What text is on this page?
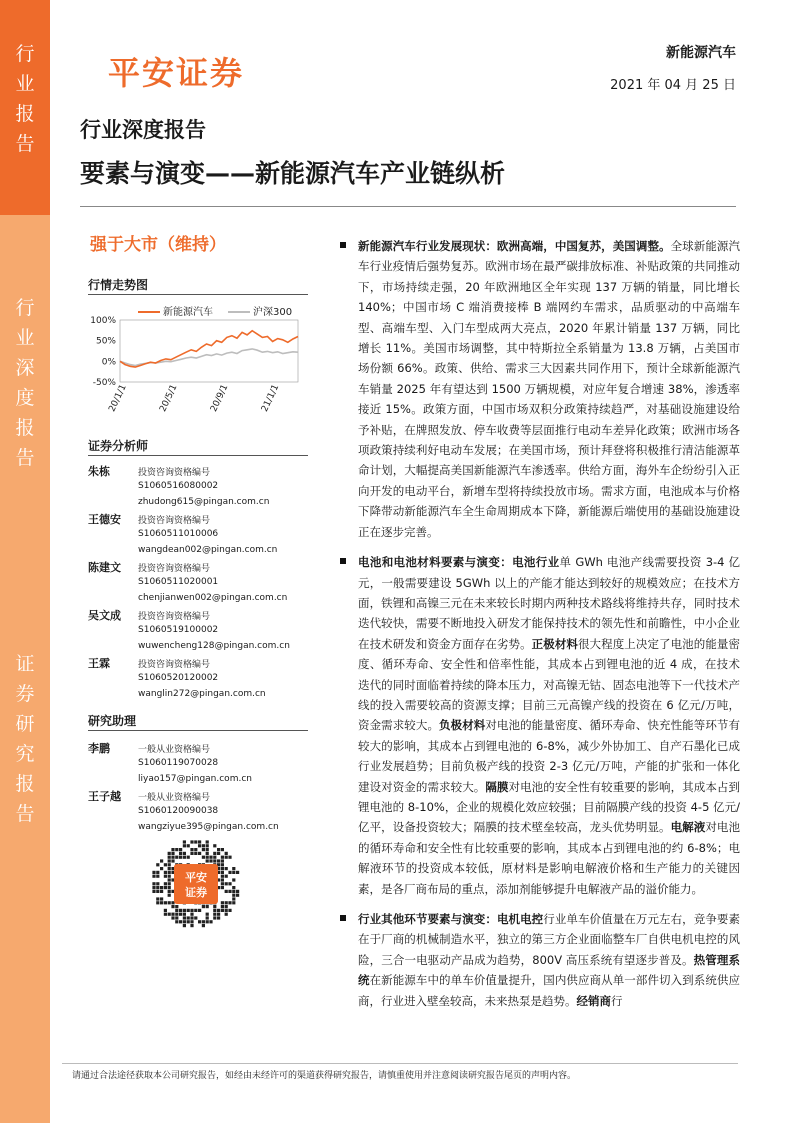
行
业
报
告
行
业
深
度
报
告
证
券
研
究
报
告
平安证券
新能源汽车
2021 年 04 月 25 日
行业深度报告
要素与演变——新能源汽车产业链纵析
强于大市（维持）
行情走势图
100%
50%
0%
-50%
20/1/1	20/5/1	20/9/1	21/1/1
新能源汽车	沪深300
证券分析师
朱栋	投资咨询资格编号
S1060516080002
zhudong615@pingan.com.cn
王德安 投资咨询资格编号
S1060511010006
wangdean002@pingan.com.cn
陈建文 投资咨询资格编号
S1060511020001
chenjianwen002@pingan.com.cn
吴文成 投资咨询资格编号
S1060519100002
wuwencheng128@pingan.com.cn
王霖	投资咨询资格编号
S1060520120002
wanglin272@pingan.com.cn
研究助理
李鹏	一般从业资格编号
S1060119070028
liyao157@pingan.com.cn
王子越 一般从业资格编号
S1060120090038
wangziyue395@pingan.com.cn
平安
证券

新能源汽车行业发展现状：欧洲高端，中国复苏，美国调整。全球新能源汽车行业疫情后强势复苏。欧洲市场在最严碳排放标准、补贴政策的共同推动下，市场持续走强，20 年欧洲地区全年实现 137 万辆的销量，同比增长 140%；中国市场 C 端消费接棒 B 端网约车需求，品质驱动的中高端车型、高端车型、入门车型成两大亮点，2020 年累计销量 137 万辆，同比增长 11%。美国市场调整，其中特斯拉全系销量为 13.8 万辆，占美国市场份额 66%。政策、供给、需求三大因素共同作用下，预计全球新能源汽车销量 2025 年有望达到 1500 万辆规模，对应年复合增速 38%，渗透率接近 15%。政策方面，中国市场双积分政策持续趋严，对基础设施建设给予补贴，在牌照发放、停车收费等层面推行电动车差异化政策；欧洲市场各项政策持续利好电动车发展；在美国市场，预计拜登将积极推行清洁能源革命计划，大幅提高美国新能源汽车渗透率。供给方面，海外车企纷纷引入正向开发的电动平台，新增车型将持续投放市场。需求方面，电池成本与价格下降带动新能源汽车全生命周期成本下降，新能源后端使用的基础设施建设正在逐步完善。

电池和电池材料要素与演变：电池行业单 GWh 电池产线需要投资 3-4 亿元，一般需要建设 5GWh 以上的产能才能达到较好的规模效应；在技术方面，铁锂和高镍三元在未来较长时期内两种技术路线将维持共存，同时技术迭代较快，需要不断地投入研发才能保持技术的领先性和前瞻性，中小企业在技术研发和资金方面存在劣势。正极材料很大程度上决定了电池的能量密度、循环寿命、安全性和倍率性能，其成本占到锂电池的近 4 成，在技术迭代的同时面临着持续的降本压力，对高镍无钴、固态电池等下一代技术产线的投入需要较高的资源支撑；目前三元高镍产线的投资在 6 亿元/万吨，资金需求较大。负极材料对电池的能量密度、循环寿命、快充性能等环节有较大的影响，其成本占到锂电池的 6-8%，减少外协加工、自产石墨化已成行业发展趋势；目前负极产线的投资 2-3 亿元/万吨，产能的扩张和一体化建设对资金的需求较大。隔膜对电池的安全性有较重要的影响，其成本占到锂电池的 8-10%，企业的规模化效应较强；目前隔膜产线的投资 4-5 亿元/亿平，设备投资较大；隔膜的技术壁垒较高，龙头优势明显。电解液对电池的循环寿命和安全性有比较重要的影响，其成本占到锂电池的约 6-8%；电解液环节的投资成本较低，原材料是影响电解液价格和生产能力的关键因素，是各厂商布局的重点，添加剂能够提升电解液产品的溢价能力。

行业其他环节要素与演变：电机电控行业单车价值量在万元左右，竞争要素在于厂商的机械制造水平，独立的第三方企业面临整车厂自供电机电控的风险，三合一电驱动产品成为趋势，800V 高压系统有望逐步普及。热管理系统在新能源车中的单车价值量提升，国内供应商从单一部件切入到系统供应商，行业进入壁垒较高，未来热泵是趋势。经销商行

请通过合法途径获取本公司研究报告，如经由未经许可的渠道获得研究报告，请慎重使用并注意阅读研究报告尾页的声明内容。
